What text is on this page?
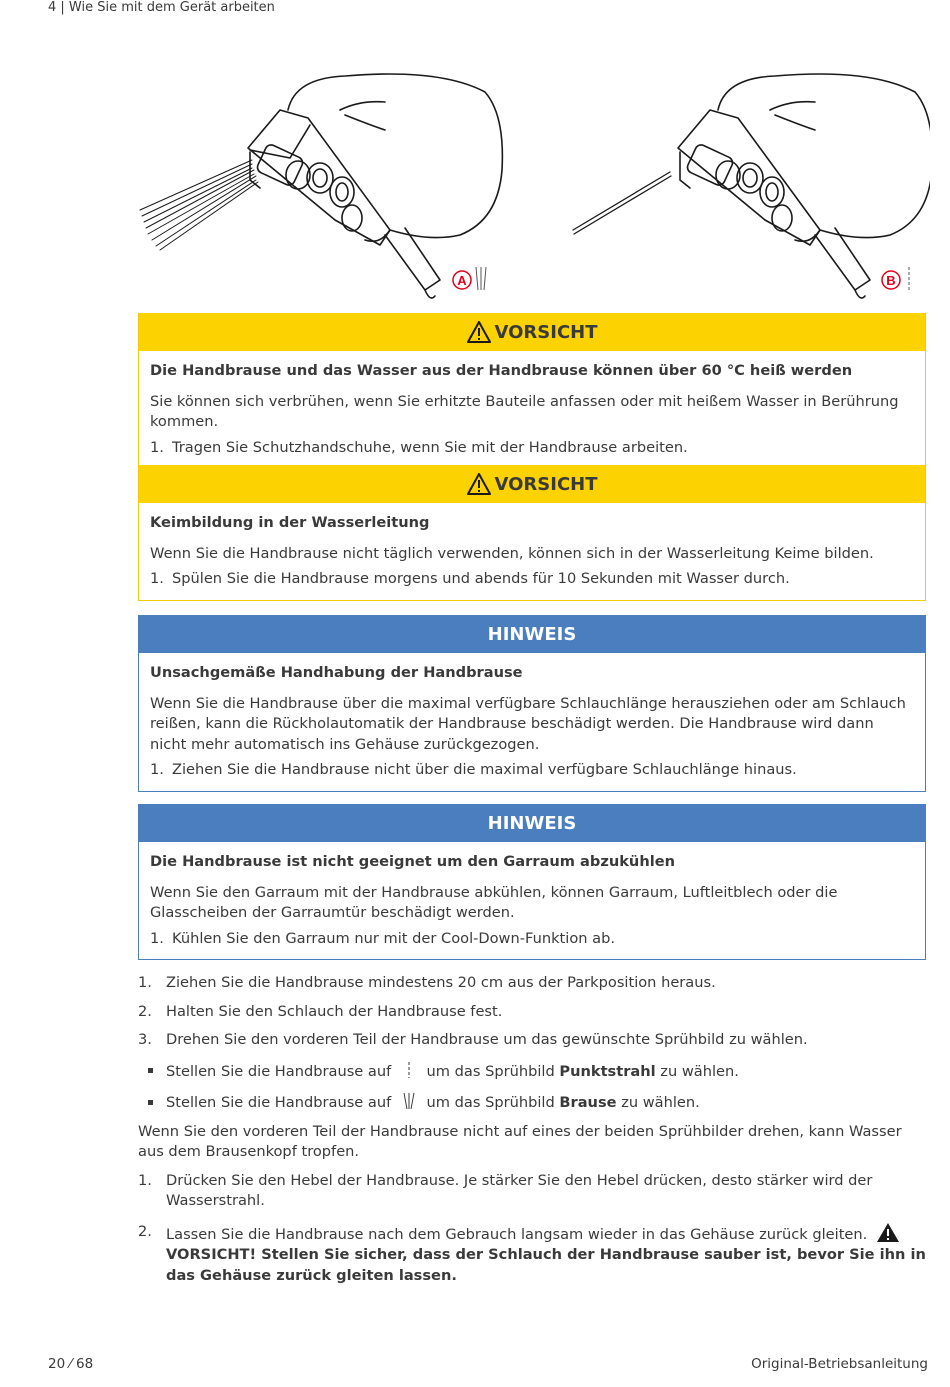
4 | Wie Sie mit dem Gerät arbeiten
A	B
VORSICHT
Die Handbrause und das Wasser aus der Handbrause können über 60 °C heiß werden

Sie können sich verbrühen, wenn Sie erhitzte Bauteile anfassen oder mit heißem Wasser in Berührung kommen.

1. Tragen Sie Schutzhandschuhe, wenn Sie mit der Handbrause arbeiten.
VORSICHT
Keimbildung in der Wasserleitung

Wenn Sie die Handbrause nicht täglich verwenden, können sich in der Wasserleitung Keime bilden.

1. Spülen Sie die Handbrause morgens und abends für 10 Sekunden mit Wasser durch.
HINWEIS
Unsachgemäße Handhabung der Handbrause

Wenn Sie die Handbrause über die maximal verfügbare Schlauchlänge herausziehen oder am Schlauch reißen, kann die Rückholautomatik der Handbrause beschädigt werden. Die Handbrause wird dann nicht mehr automatisch ins Gehäuse zurückgezogen.

1. Ziehen Sie die Handbrause nicht über die maximal verfügbare Schlauchlänge hinaus.
HINWEIS
Die Handbrause ist nicht geeignet um den Garraum abzukühlen

Wenn Sie den Garraum mit der Handbrause abkühlen, können Garraum, Luftleitblech oder die Glasscheiben der Garraumtür beschädigt werden.

1. Kühlen Sie den Garraum nur mit der Cool-Down-Funktion ab.
1. Ziehen Sie die Handbrause mindestens 20 cm aus der Parkposition heraus.
2. Halten Sie den Schlauch der Handbrause fest.
3. Drehen Sie den vorderen Teil der Handbrause um das gewünschte Sprühbild zu wählen.
Stellen Sie die Handbrause auf um das Sprühbild Punktstrahl zu wählen.
Stellen Sie die Handbrause auf um das Sprühbild Brause zu wählen.

Wenn Sie den vorderen Teil der Handbrause nicht auf eines der beiden Sprühbilder drehen, kann Wasser aus dem Brausenkopf tropfen.

1. Drücken Sie den Hebel der Handbrause. Je stärker Sie den Hebel drücken, desto stärker wird der Wasserstrahl.
2. Lassen Sie die Handbrause nach dem Gebrauch langsam wieder in das Gehäuse zurück gleiten.
VORSICHT! Stellen Sie sicher, dass der Schlauch der Handbrause sauber ist, bevor Sie ihn in das Gehäuse zurück gleiten lassen.
20 ⁄ 68	Original-Betriebsanleitung
